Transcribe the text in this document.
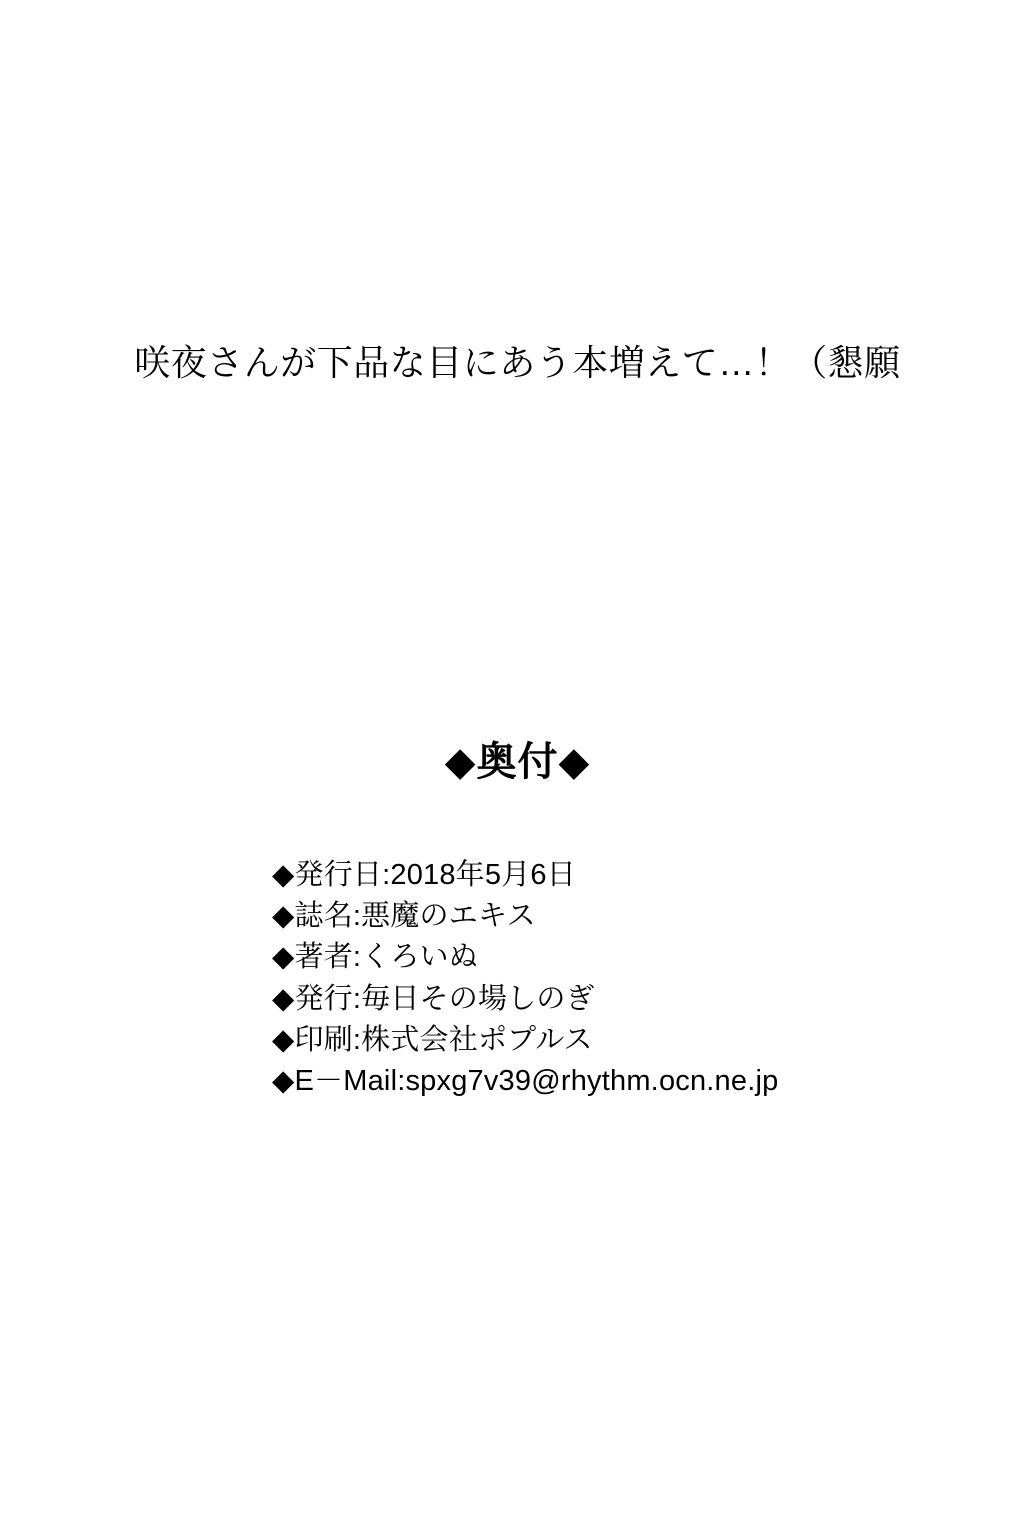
咲夜さんが下品な目にあう本増えて…！（懇願
◆奥付◆
◆発行日:2018年5月6日
◆誌名:悪魔のエキス
◆著者:くろいぬ
◆発行:毎日その場しのぎ
◆印刷:株式会社ポプルス
◆E－Mail:spxg7v39@rhythm.ocn.ne.jp
